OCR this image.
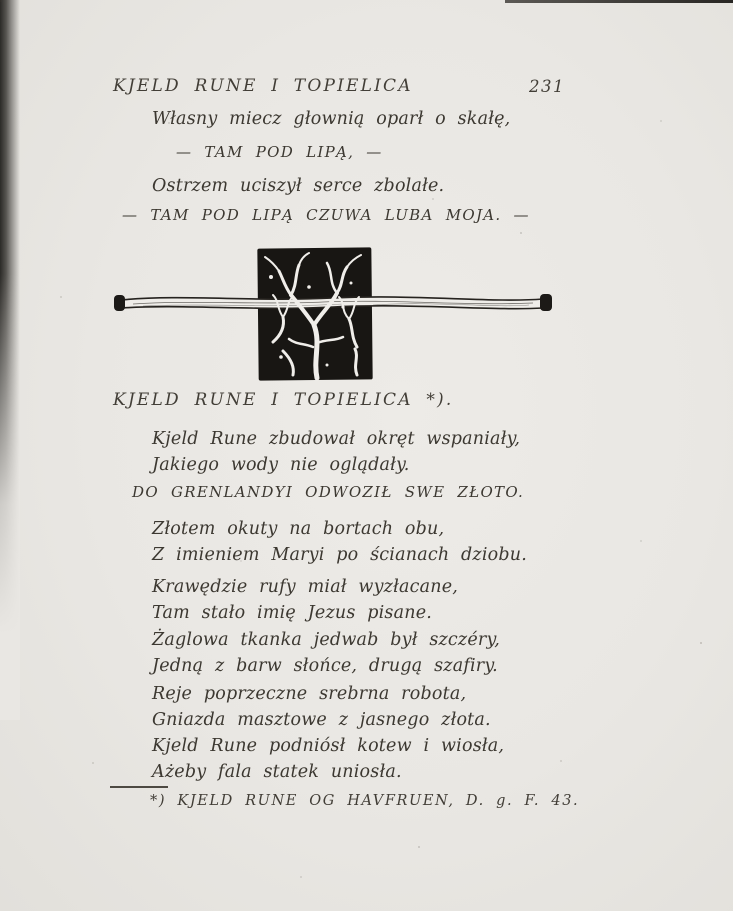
KJELD RUNE I TOPIELICA	231
Własny miecz głownią oparł o skałę,
— TAM POD LIPĄ, —
Ostrzem uciszył serce zbolałe.
— TAM POD LIPĄ CZUWA LUBA MOJA. —
KJELD RUNE I TOPIELICA *).
Kjeld Rune zbudował okręt wspaniały,
Jakiego wody nie oglądały.
DO GRENLANDYI ODWOZIŁ SWE ZŁOTO.
Złotem okuty na bortach obu,
Z imieniem Maryi po ścianach dziobu.
Krawędzie rufy miał wyzłacane,
Tam stało imię Jezus pisane.
Żaglowa tkanka jedwab był szczéry,
Jedną z barw słońce, drugą szafiry.
Reje poprzeczne srebrna robota,
Gniazda masztowe z jasnego złota.
Kjeld Rune podniósł kotew i wiosła,
Ażeby fala statek uniosła.
*) KJELD RUNE OG HAVFRUEN, D. g. F. 43.
